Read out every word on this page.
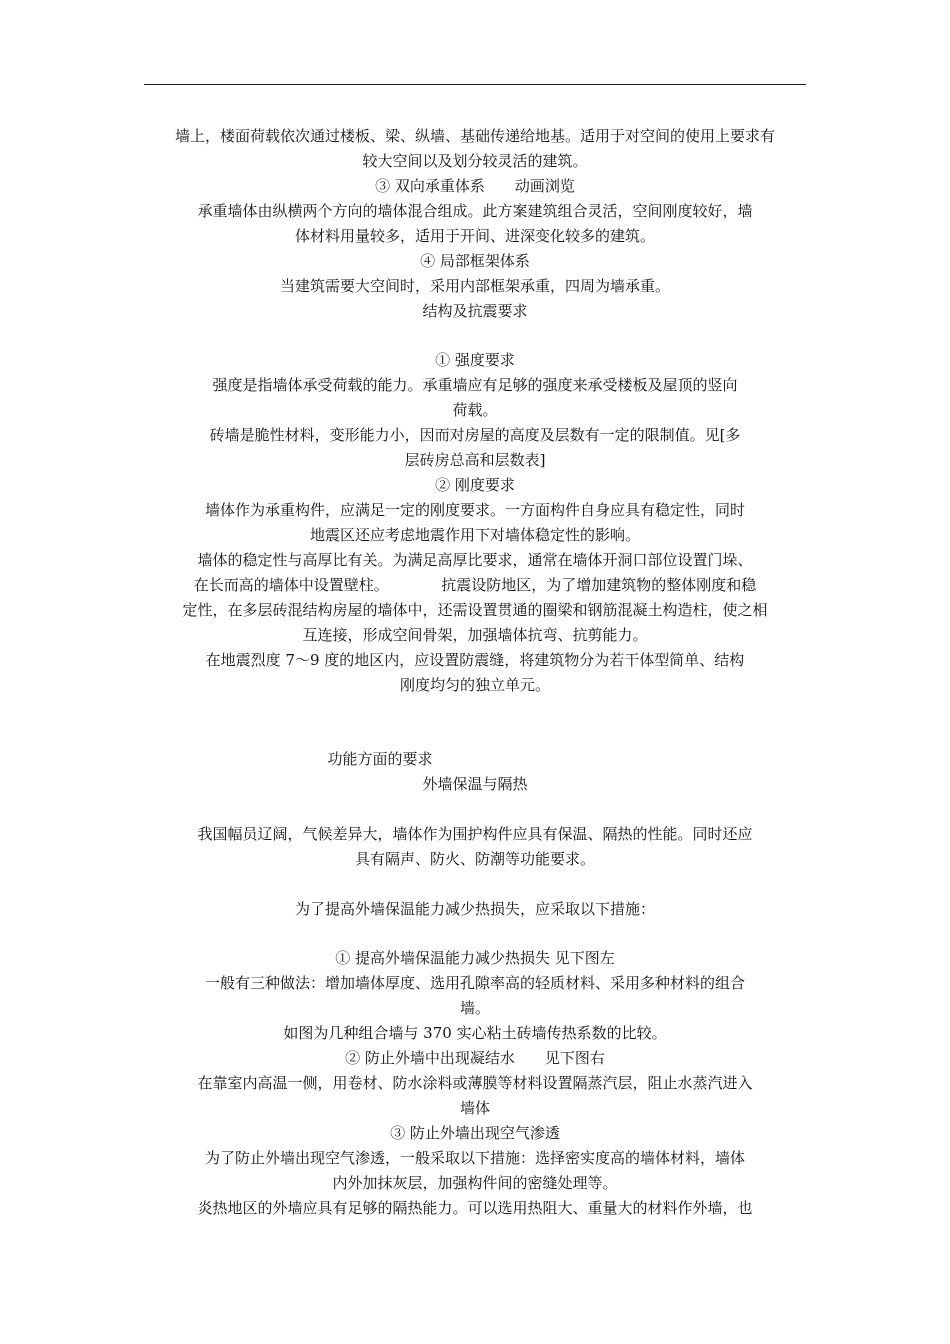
墙上，楼面荷载依次通过楼板、梁、纵墙、基础传递给地基。适用于对空间的使用上要求有
较大空间以及划分较灵活的建筑。
③ 双向承重体系　　动画浏览
承重墙体由纵横两个方向的墙体混合组成。此方案建筑组合灵活，空间刚度较好，墙
体材料用量较多，适用于开间、进深变化较多的建筑。
④ 局部框架体系
当建筑需要大空间时，采用内部框架承重，四周为墙承重。
结构及抗震要求
① 强度要求
强度是指墙体承受荷载的能力。承重墙应有足够的强度来承受楼板及屋顶的竖向
荷载。
砖墙是脆性材料，变形能力小，因而对房屋的高度及层数有一定的限制值。见[多
层砖房总高和层数表]
② 刚度要求
墙体作为承重构件，应满足一定的刚度要求。一方面构件自身应具有稳定性，同时
地震区还应考虑地震作用下对墙体稳定性的影响。
墙体的稳定性与高厚比有关。为满足高厚比要求，通常在墙体开洞口部位设置门垛、
在长而高的墙体中设置壁柱。　　　　抗震设防地区，为了增加建筑物的整体刚度和稳
定性，在多层砖混结构房屋的墙体中，还需设置贯通的圈梁和钢筋混凝土构造柱，使之相
互连接，形成空间骨架，加强墙体抗弯、抗剪能力。
在地震烈度 7～9 度的地区内，应设置防震缝，将建筑物分为若干体型简单、结构
刚度均匀的独立单元。
功能方面的要求
外墙保温与隔热
我国幅员辽阔，气候差异大，墙体作为围护构件应具有保温、隔热的性能。同时还应
具有隔声、防火、防潮等功能要求。
为了提高外墙保温能力减少热损失，应采取以下措施：
① 提高外墙保温能力减少热损失 见下图左
一般有三种做法：增加墙体厚度、选用孔隙率高的轻质材料、采用多种材料的组合
墙。
如图为几种组合墙与 370 实心粘土砖墙传热系数的比较。
② 防止外墙中出现凝结水　　见下图右
在靠室内高温一侧，用卷材、防水涂料或薄膜等材料设置隔蒸汽层，阻止水蒸汽进入
墙体
③ 防止外墙出现空气渗透
为了防止外墙出现空气渗透，一般采取以下措施：选择密实度高的墙体材料，墙体
内外加抹灰层，加强构件间的密缝处理等。
炎热地区的外墙应具有足够的隔热能力。可以选用热阻大、重量大的材料作外墙，也
